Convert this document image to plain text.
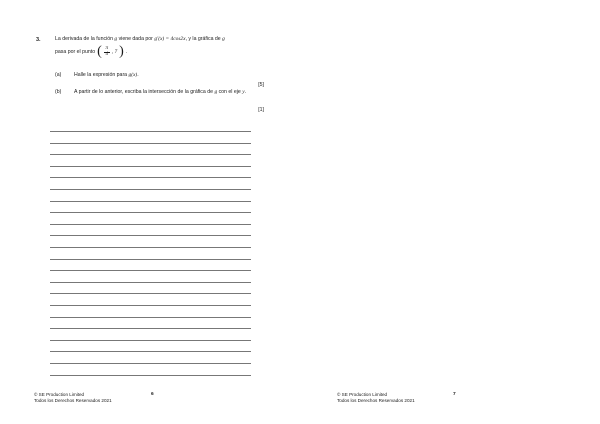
3.	La derivada de la función g viene dada por g′(x) = 4cos2x, y la gráfica de g
pasa por el punto ( $\frac{\pi}{4}$ , 7 ) .
(a) Halle la expresión para g(x).
[5]
(b) A partir de lo anterior, escriba la intersección de la gráfica de g con el eje y.
[1]
© SE Production Limited
Todos los Derechos Reservados 2021
6	© SE Production Limited
Todos los Derechos Reservados 2021
7
